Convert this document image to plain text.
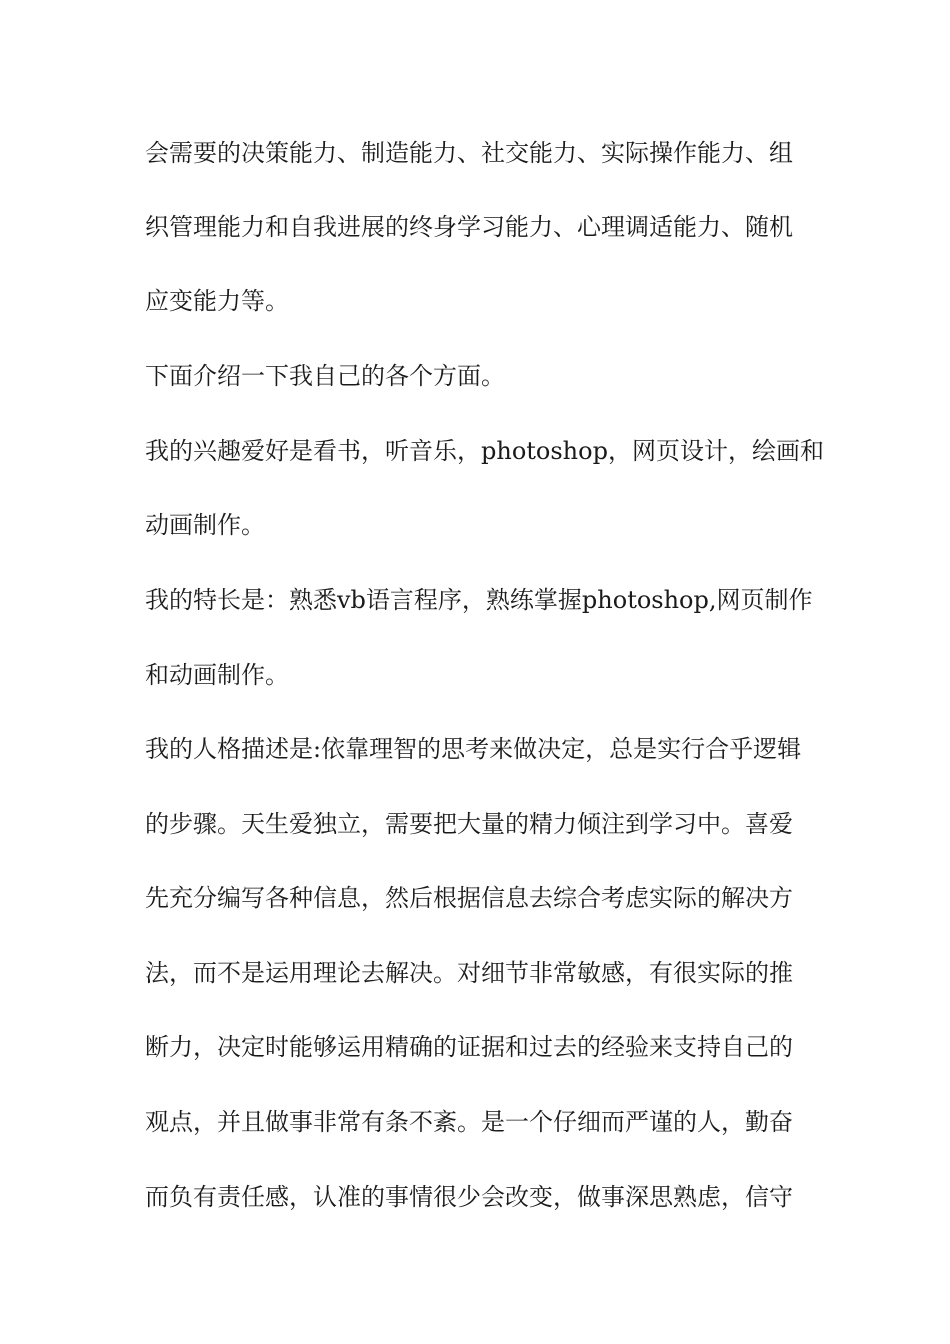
会需要的决策能力、制造能力、社交能力、实际操作能力、组

织管理能力和自我进展的终身学习能力、心理调适能力、随机

应变能力等。

下面介绍一下我自己的各个方面。

我的兴趣爱好是看书，听音乐，photoshop，网页设计，绘画和

动画制作。

我的特长是：熟悉vb语言程序，熟练掌握photoshop,网页制作

和动画制作。

我的人格描述是:依靠理智的思考来做决定，总是实行合乎逻辑

的步骤。天生爱独立，需要把大量的精力倾注到学习中。喜爱

先充分编写各种信息，然后根据信息去综合考虑实际的解决方

法，而不是运用理论去解决。对细节非常敏感，有很实际的推

断力，决定时能够运用精确的证据和过去的经验来支持自己的

观点，并且做事非常有条不紊。是一个仔细而严谨的人，勤奋

而负有责任感，认准的事情很少会改变，做事深思熟虑，信守
